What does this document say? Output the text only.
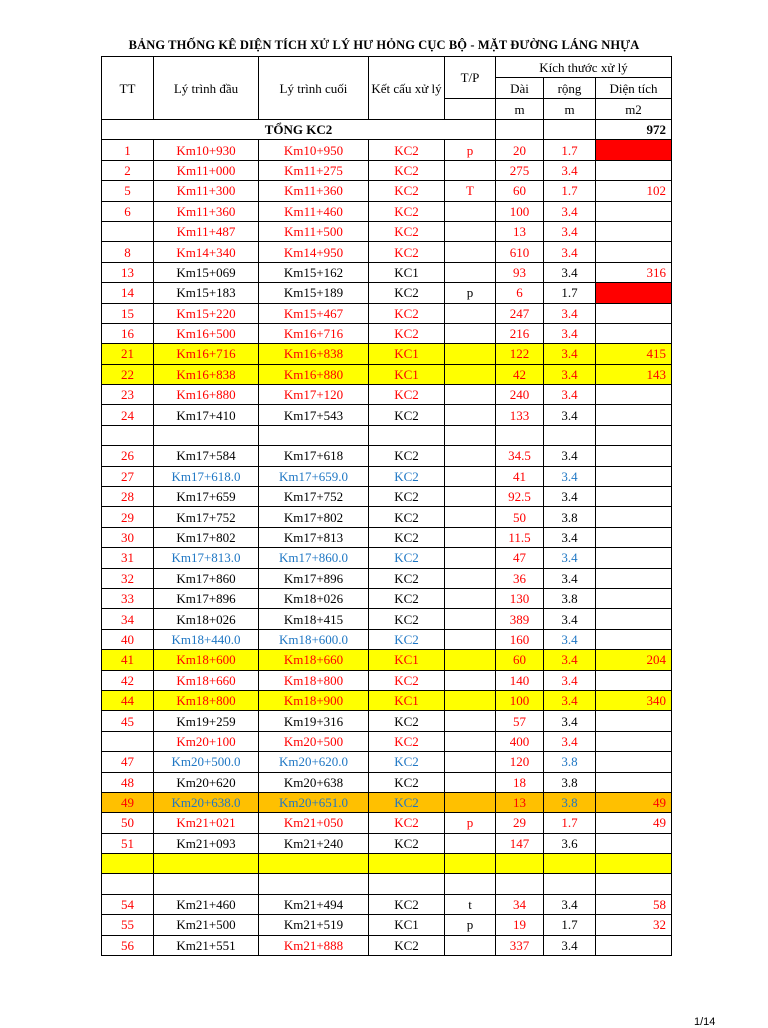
BẢNG THỐNG KÊ DIỆN TÍCH XỬ LÝ HƯ HỎNG CỤC BỘ - MẶT ĐƯỜNG LÁNG NHỰA
TT	Lý trình đầu	Lý trình cuối	Kết cấu xử lý	T/P	Kích thước xử lý		
					Dài	rộng	Diện tích
					m	m	m2
TỔNG KC2							972
1	Km10+930	Km10+950	KC2	p	20	1.7	
2	Km11+000	Km11+275	KC2		275	3.4	
5	Km11+300	Km11+360	KC2	T	60	1.7	102
6	Km11+360	Km11+460	KC2		100	3.4	
	Km11+487	Km11+500	KC2		13	3.4	
8	Km14+340	Km14+950	KC2		610	3.4	
13	Km15+069	Km15+162	KC1		93	3.4	316
14	Km15+183	Km15+189	KC2	p	6	1.7	
15	Km15+220	Km15+467	KC2		247	3.4	
16	Km16+500	Km16+716	KC2		216	3.4	
21	Km16+716	Km16+838	KC1		122	3.4	415
22	Km16+838	Km16+880	KC1		42	3.4	143
23	Km16+880	Km17+120	KC2		240	3.4	
24	Km17+410	Km17+543	KC2		133	3.4	

26	Km17+584	Km17+618	KC2		34.5	3.4	
27	Km17+618.0	Km17+659.0	KC2		41	3.4	
28	Km17+659	Km17+752	KC2		92.5	3.4	
29	Km17+752	Km17+802	KC2		50	3.8	
30	Km17+802	Km17+813	KC2		11.5	3.4	
31	Km17+813.0	Km17+860.0	KC2		47	3.4	
32	Km17+860	Km17+896	KC2		36	3.4	
33	Km17+896	Km18+026	KC2		130	3.8	
34	Km18+026	Km18+415	KC2		389	3.4	
40	Km18+440.0	Km18+600.0	KC2		160	3.4	
41	Km18+600	Km18+660	KC1		60	3.4	204
42	Km18+660	Km18+800	KC2		140	3.4	
44	Km18+800	Km18+900	KC1		100	3.4	340
45	Km19+259	Km19+316	KC2		57	3.4	
	Km20+100	Km20+500	KC2		400	3.4	
47	Km20+500.0	Km20+620.0	KC2		120	3.8	
48	Km20+620	Km20+638	KC2		18	3.8	
49	Km20+638.0	Km20+651.0	KC2		13	3.8	49
50	Km21+021	Km21+050	KC2	p	29	1.7	49
51	Km21+093	Km21+240	KC2		147	3.6	

54	Km21+460	Km21+494	KC2	t	34	3.4	58
55	Km21+500	Km21+519	KC1	p	19	1.7	32
56	Km21+551	Km21+888	KC2		337	3.4	
1/14
